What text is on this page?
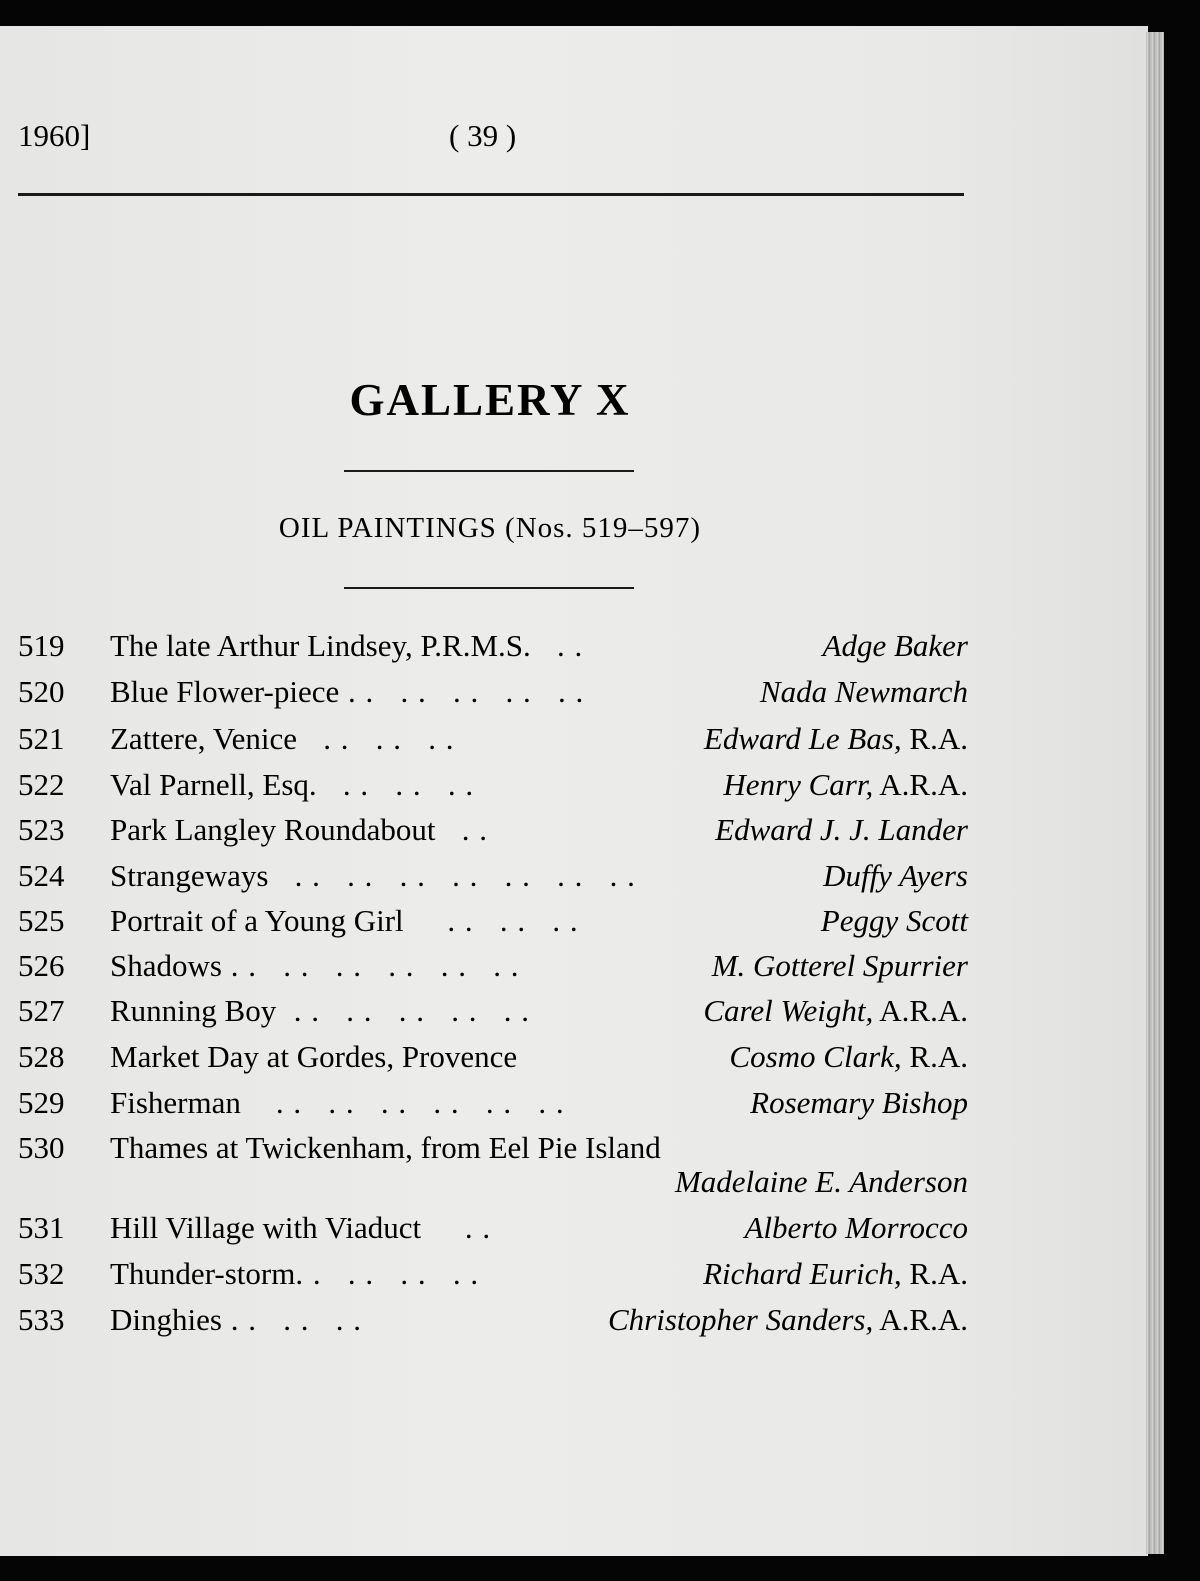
1960]	( 39 )
GALLERY X
OIL PAINTINGS (Nos. 519–597)
519 The late Arthur Lindsey, P.R.M.S.   . .	Adge Baker
520 Blue Flower-piece . .   . .   . .   . .   . .	Nada Newmarch
521 Zattere, Venice   . .   . .   . .	Edward Le Bas, R.A.
522 Val Parnell, Esq.   . .   . .   . .	Henry Carr, A.R.A.
523 Park Langley Roundabout   . .	Edward J. J. Lander
524 Strangeways   . .   . .   . .   . .   . .   . .   . .	Duffy Ayers
525 Portrait of a Young Girl     . .   . .   . .	Peggy Scott
526 Shadows . .   . .   . .   . .   . .   . .	M. Gotterel Spurrier
527 Running Boy  . .   . .   . .   . .   . .	Carel Weight, A.R.A.
528 Market Day at Gordes, Provence	Cosmo Clark, R.A.
529 Fisherman    . .   . .   . .   . .   . .   . .	Rosemary Bishop
530 Thames at Twickenham, from Eel Pie Island
Madelaine E. Anderson
531 Hill Village with Viaduct     . .	Alberto Morrocco
532 Thunder-storm. .   . .   . .   . .	Richard Eurich, R.A.
533 Dinghies . .   . .   . .	Christopher Sanders, A.R.A.
